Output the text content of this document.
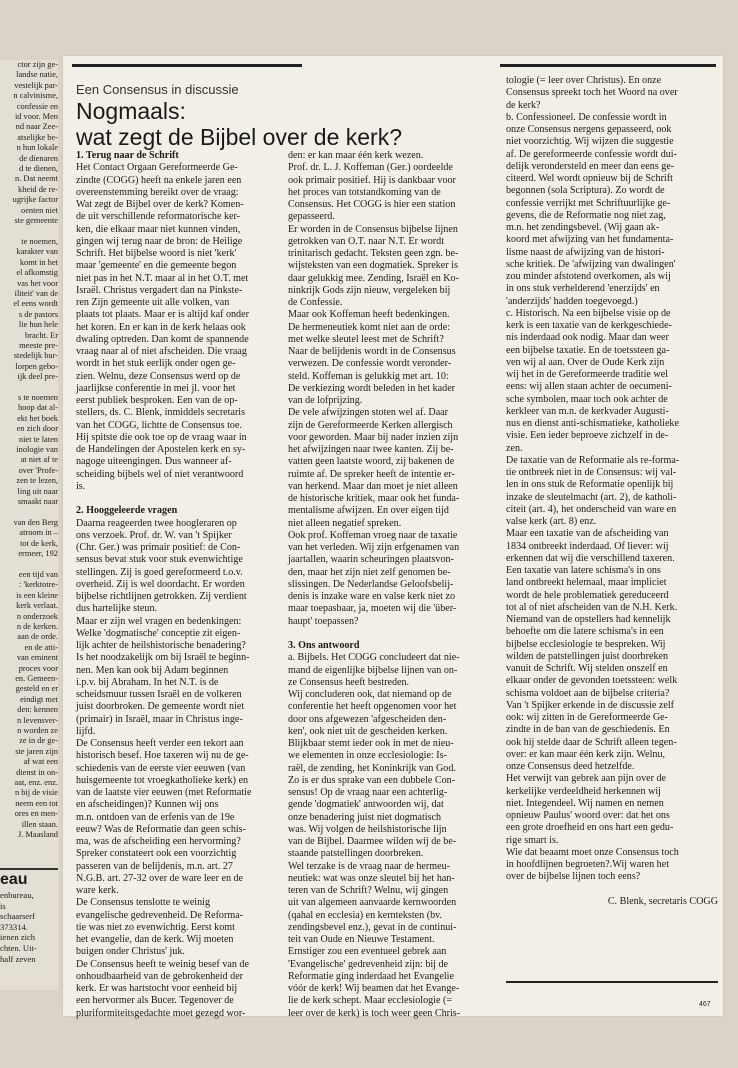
ctor zijn ge-
landse natie,
vestelijk par-
n calvinisme,
confessie en
id voor. Men
nd naar Zee-
atselijke be-
n hun lokale
de dienaren
d te dienen,
n. Dat neemt
kheid de re-
ugrijke factor
oenten niet
ste gemeente

te noemen,
karakter van
komt in het
el afkomstig
vas het voor
iliteit' van de
el eens wordt
s de pastors
lie hun hele
bracht. Er
meeste pre-
stedelijk bur-
lorpen gebo-
ijk deel pre-

s te noemen
hoop dat al-
ekt het boek
en zich door
niet te laten
inologie van
at niet af te
over 'Profe-
zen te lezen,
ling uit naar
smaakt naar

van den Berg
atroom in –
tot de kerk,
ermeer, 192

een tijd van
: 'kerktotre-
is een kleine
kerk verlaat.
n onderzoek
n de kerken.
aan de orde.
en de atti-
van eminent
proces voor
en. Gemeen-
gesteld en er
eindigt met
den: kennen
n levensver-
n worden ze
ze in de ge-
ste jaren zijn
af wat een
dienst in on-
aat, enz. enz.
n bij de visie
neem een tot
ores en men-
illen staan.
J. Maasland
eau
enbureau,
is
schaarserf
373314.
ienen zich
chten. Uit-
half zeven
Een Consensus in discussie
Nogmaals:
wat zegt de Bijbel over de kerk?
1. Terug naar de Schrift
Het Contact Orgaan Gereformeerde Ge-
zindte (COGG) heeft na enkele jaren een
overeenstemming bereikt over de vraag:
Wat zegt de Bijbel over de kerk? Komen-
de uit verschillende reformatorische ker-
ken, die elkaar maar niet kunnen vinden,
gingen wij terug naar de bron: de Heilige
Schrift. Het bijbelse woord is niet 'kerk'
maar 'gemeente' en die gemeente begon
niet pas in het N.T. maar al in het O.T. met
Israël. Christus vergadert dan na Pinkste-
ren Zijn gemeente uit alle volken, van
plaats tot plaats. Maar er is altijd kaf onder
het koren. En er kan in de kerk helaas ook
dwaling optreden. Dan komt de spannende
vraag naar al of niet afscheiden. Die vraag
wordt in het stuk eerlijk onder ogen ge-
zien. Welnu, deze Consensus werd op de
jaarlijkse conferentie in mei jl. voor het
eerst publiek besproken. Een van de op-
stellers, ds. C. Blenk, inmiddels secretaris
van het COGG, lichtte de Consensus toe.
Hij spitste die ook toe op de vraag waar in
de Handelingen der Apostelen kerk en sy-
nagoge uiteengingen. Dus wanneer af-
scheiding bijbels wel of niet verantwoord
is.

2. Hooggeleerde vragen
Daarna reageerden twee hoogleraren op
ons verzoek. Prof. dr. W. van 't Spijker
(Chr. Ger.) was primair positief: de Con-
sensus bevat stuk voor stuk evenwichtige
stellingen. Zij is goed gereformeerd t.o.v.
overheid. Zij is wel doordacht. Er worden
bijbelse richtlijnen getrokken. Zij verdient
dus hartelijke steun.
Maar er zijn wel vragen en bedenkingen:
Welke 'dogmatische' conceptie zit eigen-
lijk achter de heilshistorische benadering?
Is het noodzakelijk om bij Israël te beginn-
nen. Men kan ook bij Adam beginnen
i.p.v. bij Abraham. In het N.T. is de
scheidsmuur tussen Israël en de volkeren
juist doorbroken. De gemeente wordt niet
(primair) in Israël, maar in Christus inge-
lijfd.
De Consensus heeft verder een tekort aan
historisch besef. Hoe taxeren wij nu de ge-
schiedenis van de eerste vier eeuwen (van
huisgemeente tot vroegkatholieke kerk) en
van de laatste vier eeuwen (met Reformatie
en afscheidingen)? Kunnen wij ons
m.n. ontdoen van de erfenis van de 19e
eeuw? Was de Reformatie dan geen schis-
ma, was de afscheiding een hervorming?
Spreker constateert ook een voorzichtig
passeren van de belijdenis, m.n. art. 27
N.G.B. art. 27-32 over de ware leer en de
ware kerk.
De Consensus tenslotte te weinig
evangelische gedrevenheid. De Reforma-
tie was niet zo evenwichtig. Eerst komt
het evangelie, dan de kerk. Wij moeten
buigen onder Christus' juk.
De Consensus heeft te weinig besef van de
onhoudbaarheid van de gebrokenheid der
kerk. Er was hartstocht voor eenheid bij
een hervormer als Bucer. Tegenover de
pluriformiteitsgedachte moet gezegd wor-
den: er kan maar één kerk wezen.
Prof. dr. L. J. Koffeman (Ger.) oordeelde
ook primair positief. Hij is dankbaar voor
het proces van totstandkoming van de
Consensus. Het COGG is hier een station
gepasseerd.
Er worden in de Consensus bijbelse lijnen
getrokken van O.T. naar N.T. Er wordt
trinitarisch gedacht. Teksten geen zgn. be-
wijsteksten van een dogmatiek. Spreker is
daar gelukkig mee. Zending, Israël en Ko-
ninkrijk Gods zijn nieuw, vergeleken bij
de Confessie.
Maar ook Koffeman heeft bedenkingen.
De hermeneutiek komt niet aan de orde:
met welke sleutel leest met de Schrift?
Naar de belijdenis wordt in de Consensus
verwezen. De confessie wordt veronder-
steld. Koffeman is gelukkig met art. 10:
De verkiezing wordt beleden in het kader
van de lofprijzing.
De vele afwijzingen stoten wel af. Daar
zijn de Gereformeerde Kerken allergisch
voor geworden. Maar bij nader inzien zijn
het afwijzingen naar twee kanten. Zij be-
vatten geen laatste woord, zij bakenen de
ruimte af. De spreker heeft de intentie er-
van herkend. Maar dan moet je niet alleen
de historische kritiek, maar ook het funda-
mentalisme afwijzen. En over eigen tijd
niet alleen negatief spreken.
Ook prof. Koffeman vroeg naar de taxatie
van het verleden. Wij zijn erfgenamen van
jaartallen, waarin scheuringen plaatsvon-
den, maar het zijn niet zelf genomen be-
slissingen. De Nederlandse Geloofsbelij-
denis is inzake ware en valse kerk niet zo
maar toepasbaar, ja, moeten wij die 'über-
haupt' toepassen?

3. Ons antwoord
a. Bijbels. Het COGG concludeert dat nie-
mand de eigenlijke bijbelse lijnen van on-
ze Consensus heeft bestreden.
Wij concluderen ook, dat niemand op de
conferentie het heeft opgenomen voor het
door ons afgewezen 'afgescheiden den-
ken', ook niet uit de gescheiden kerken.
Blijkbaar stemt ieder ook in met de nieu-
we elementen in onze ecclesiologie: Is-
raël, de zending, het Koninkrijk van God.
Zo is er dus sprake van een dubbele Con-
sensus! Op de vraag naar een achterlig-
gende 'dogmatiek' antwoorden wij, dat
onze benadering juist niet dogmatisch
was. Wij volgen de heilshistorische lijn
van de Bijbel. Daarmee wilden wij de be-
staande patstellingen doorbreken.
Wel terzake is de vraag naar de hermeu-
neutiek: wat was onze sleutel bij het han-
teren van de Schrift? Welnu, wij gingen
uit van algemeen aanvaarde kernwoorden
(qahal en ecclesia) en kernteksten (bv.
zendingsbevel enz.), gevat in de continui-
teit van Oude en Nieuwe Testament.
Ernstiger zou een eventueel gebrek aan
'Evangelische' gedrevenheid zijn: bij de
Reformatie ging inderdaad het Evangelie
vóór de kerk! Wij beamen dat het Evange-
lie de kerk schept. Maar ecclesiologie (=
leer over de kerk) is toch weer geen Chris-
tologie (= leer over Christus). En onze
Consensus spreekt toch het Woord na over
de kerk?
b. Confessioneel. De confessie wordt in
onze Consensus nergens gepasseerd, ook
niet voorzichtig. Wij wijzen die suggestie
af. De gereformeerde confessie wordt dui-
delijk verondersteld en meer dan eens ge-
citeerd. Wel wordt opnieuw bij de Schrift
begonnen (sola Scriptura). Zo wordt de
confessie verrijkt met Schriftuurlijke ge-
gevens, die de Reformatie nog niet zag,
m.n. het zendingsbevel. (Wij gaan ak-
koord met afwijzing van het fundamenta-
lisme naast de afwijzing van de histori-
sche kritiek. De 'afwijzing van dwalingen'
zou minder afstotend overkomen, als wij
in ons stuk verhelderend 'enerzijds' en
'anderzijds' hadden toegevoegd.)
c. Historisch. Na een bijbelse visie op de
kerk is een taxatie van de kerkgeschiede-
nis inderdaad ook nodig. Maar dan weer
een bijbelse taxatie. En de toetssteen ga-
ven wij al aan. Over de Oude Kerk zijn
wij het in de Gereformeerde traditie wel
eens: wij allen staan achter de oecumeni-
sche symbolen, maar toch ook achter de
kerkleer van m.n. de kerkvader Augusti-
nus en dienst anti-schismatieke, katholieke
visie. Een ieder beproeve zichzelf in de-
zen.
De taxatie van de Reformatie als re-forma-
tie ontbreek niet in de Consensus: wij val-
len in ons stuk de Reformatie openlijk bij
inzake de sleutelmacht (art. 2), de katholi-
citeit (art. 4), het onderscheid van ware en
valse kerk (art. 8) enz.
Maar een taxatie van de afscheiding van
1834 ontbreekt inderdaad. Of liever: wij
erkennen dat wij die verschillend taxeren.
Een taxatie van latere schisma's in ons
land ontbreekt helemaal, maar impliciet
wordt de hele problematiek gereduceerd
tot al of niet afscheiden van de N.H. Kerk.
Niemand van de opstellers had kennelijk
behoefte om die latere schisma's in een
bijbelse ecclesiologie te bespreken. Wij
wilden de patstellingen juist doorbreken
vanuit de Schrift. Wij stelden onszelf en
elkaar onder de gevonden toetssteen: welk
schisma voldoet aan de bijbelse criteria?
Van 't Spijker erkende in de discussie zelf
ook: wij zitten in de Gereformeerde Ge-
zindte in de ban van de geschiedenis. En
ook hij stelde daar de Schrift alleen tegen-
over: er kan maar één kerk zijn. Welnu,
onze Consensus deed hetzelfde.
Het verwijt van gebrek aan pijn over de
kerkelijke verdeeldheid herkennen wij
niet. Integendeel. Wij namen en nemen
opnieuw Paulus' woord over: dat het ons
een grote droefheid en ons hart een gedu-
rige smart is.
Wie dat beaamt moet onze Consensus toch
in hoofdlijnen begroeten?.Wij waren het
over de bijbelse lijnen toch eens?

C. Blenk, secretaris COGG
467
